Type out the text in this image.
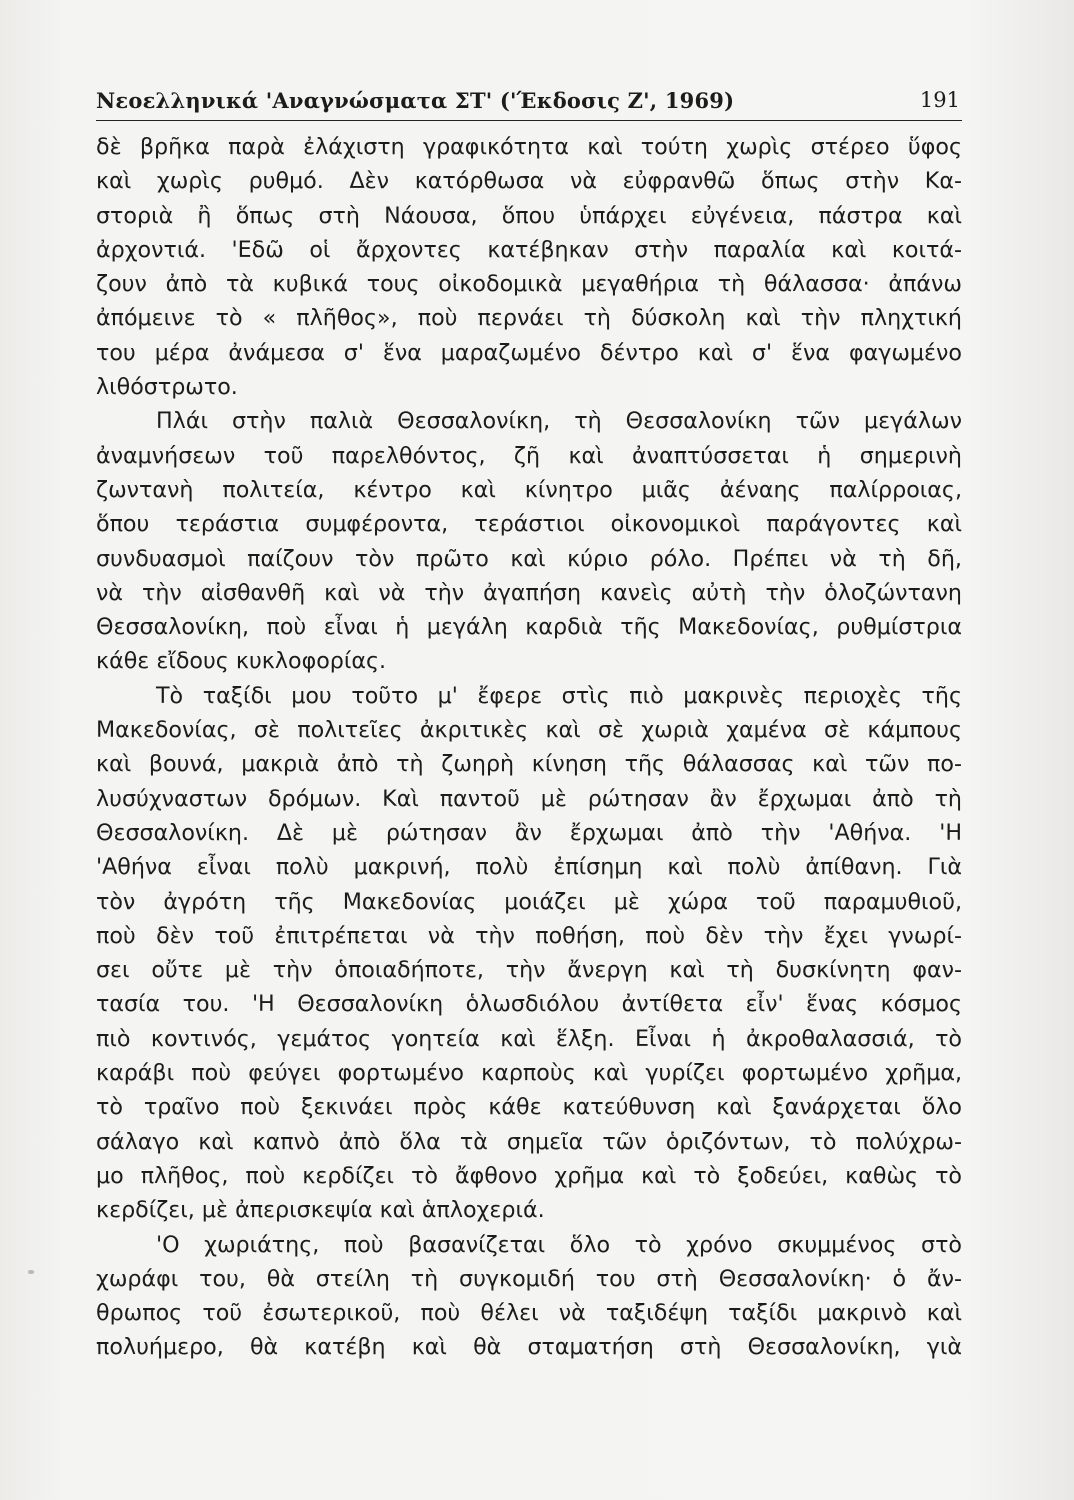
Νεοελληνικά 'Αναγνώσματα ΣΤ' ('Έκδοσις Ζ', 1969)	191
δὲ βρῆκα παρὰ ἐλάχιστη γραφικότητα καὶ τούτη χωρὶς στέρεο ὕφος
καὶ χωρὶς ρυθμό. Δὲν κατόρθωσα νὰ εὐφρανθῶ ὅπως στὴν Κα-
στοριὰ ἢ ὅπως στὴ Νάουσα, ὅπου ὑπάρχει εὐγένεια, πάστρα καὶ
ἀρχοντιά. 'Εδῶ οἱ ἄρχοντες κατέβηκαν στὴν παραλία καὶ κοιτά-
ζουν ἀπὸ τὰ κυβικά τους οἰκοδομικὰ μεγαθήρια τὴ θάλασσα· ἀπάνω
ἀπόμεινε τὸ « πλῆθος», ποὺ περνάει τὴ δύσκολη καὶ τὴν πληχτική
του μέρα ἀνάμεσα σ' ἕνα μαραζωμένο δέντρο καὶ σ' ἕνα φαγωμένο
λιθόστρωτο.
Πλάι στὴν παλιὰ Θεσσαλονίκη, τὴ Θεσσαλονίκη τῶν μεγάλων
ἀναμνήσεων τοῦ παρελθόντος, ζῆ καὶ ἀναπτύσσεται ἡ σημερινὴ
ζωντανὴ πολιτεία, κέντρο καὶ κίνητρο μιᾶς ἀέναης παλίρροιας,
ὅπου τεράστια συμφέροντα, τεράστιοι οἰκονομικοὶ παράγοντες καὶ
συνδυασμοὶ παίζουν τὸν πρῶτο καὶ κύριο ρόλο. Πρέπει νὰ τὴ δῆ,
νὰ τὴν αἰσθανθῆ καὶ νὰ τὴν ἀγαπήση κανεὶς αὐτὴ τὴν ὁλοζώντανη
Θεσσαλονίκη, ποὺ εἶναι ἡ μεγάλη καρδιὰ τῆς Μακεδονίας, ρυθμίστρια
κάθε εἴδους κυκλοφορίας.
Τὸ ταξίδι μου τοῦτο μ' ἔφερε στὶς πιὸ μακρινὲς περιοχὲς τῆς
Μακεδονίας, σὲ πολιτεῖες ἀκριτικὲς καὶ σὲ χωριὰ χαμένα σὲ κάμπους
καὶ βουνά, μακριὰ ἀπὸ τὴ ζωηρὴ κίνηση τῆς θάλασσας καὶ τῶν πο-
λυσύχναστων δρόμων. Καὶ παντοῦ μὲ ρώτησαν ἂν ἔρχωμαι ἀπὸ τὴ
Θεσσαλονίκη. Δὲ μὲ ρώτησαν ἂν ἔρχωμαι ἀπὸ τὴν 'Αθήνα. 'Η
'Αθήνα εἶναι πολὺ μακρινή, πολὺ ἐπίσημη καὶ πολὺ ἀπίθανη. Γιὰ
τὸν ἀγρότη τῆς Μακεδονίας μοιάζει μὲ χώρα τοῦ παραμυθιοῦ,
ποὺ δὲν τοῦ ἐπιτρέπεται νὰ τὴν ποθήση, ποὺ δὲν τὴν ἔχει γνωρί-
σει οὔτε μὲ τὴν ὁποιαδήποτε, τὴν ἄνεργη καὶ τὴ δυσκίνητη φαν-
τασία του. 'Η Θεσσαλονίκη ὁλωσδιόλου ἀντίθετα εἶν' ἕνας κόσμος
πιὸ κοντινός, γεμάτος γοητεία καὶ ἕλξη. Εἶναι ἡ ἀκροθαλασσιά, τὸ
καράβι ποὺ φεύγει φορτωμένο καρποὺς καὶ γυρίζει φορτωμένο χρῆμα,
τὸ τραῖνο ποὺ ξεκινάει πρὸς κάθε κατεύθυνση καὶ ξανάρχεται ὅλο
σάλαγο καὶ καπνὸ ἀπὸ ὅλα τὰ σημεῖα τῶν ὁριζόντων, τὸ πολύχρω-
μο πλῆθος, ποὺ κερδίζει τὸ ἄφθονο χρῆμα καὶ τὸ ξοδεύει, καθὼς τὸ
κερδίζει, μὲ ἀπερισκεψία καὶ ἁπλοχεριά.
'Ο χωριάτης, ποὺ βασανίζεται ὅλο τὸ χρόνο σκυμμένος στὸ
χωράφι του, θὰ στείλη τὴ συγκομιδή του στὴ Θεσσαλονίκη· ὁ ἄν-
θρωπος τοῦ ἐσωτερικοῦ, ποὺ θέλει νὰ ταξιδέψη ταξίδι μακρινὸ καὶ
πολυήμερο, θὰ κατέβη καὶ θὰ σταματήση στὴ Θεσσαλονίκη, γιὰ
